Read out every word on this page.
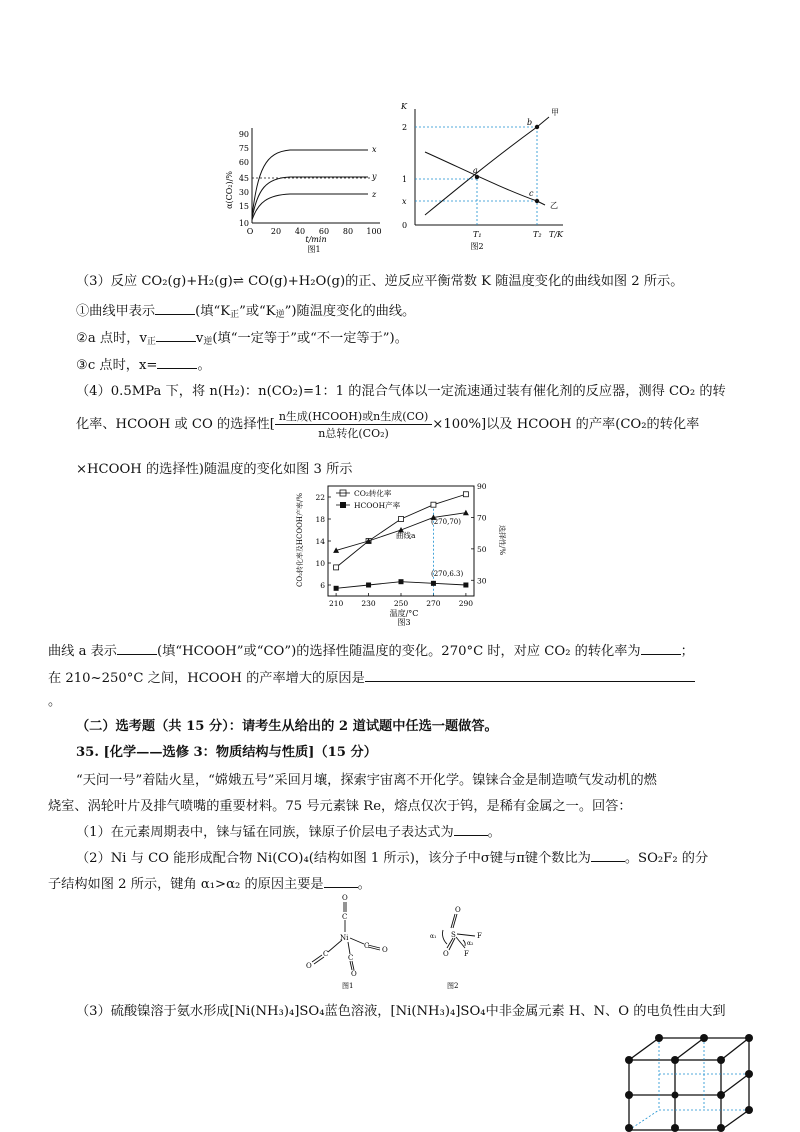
α(CO₂)/%
90
75
60
45
30
15
10
O 20 40 60 80 100
t/min
图1
x
y
z
K
2
1
x
0
T₁	T₂ T/K
a
b
c
甲
乙
图2
（3）反应 CO₂(g)+H₂(g)⇌ CO(g)+H₂O(g)的正、逆反应平衡常数 K 随温度变化的曲线如图 2 所示。
①曲线甲表示	(填“$K_正$”或“$K_逆$”)随温度变化的曲线。
②a 点时，$v_正$	$v_逆$(填“一定等于”或“不一定等于”)。
③c 点时，x=	。
（4）0.5MPa 下，将 n(H₂)：n(CO₂)=1：1 的混合气体以一定流速通过装有催化剂的反应器，测得 CO₂ 的转
化率、HCOOH 或 CO 的选择性[ $\frac{\text{n生成(HCOOH)或n生成(CO)}}{\text{n总转化(CO₂)}} \times 100\%$]以及 HCOOH 的产率(CO₂的转化率
×HCOOH 的选择性)随温度的变化如图 3 所示
22
18
14
10
6
90
70
50
30
210 230 250 270 290
CO₂转化率及HCOOH产率/%	选择性/%
温度/°C
图3
CO₂转化率
HCOOH产率
曲线a
(270,70)
(270,6.3)
曲线 a 表示	(填“HCOOH”或“CO”)的选择性随温度的变化。270°C 时，对应 CO₂ 的转化率为	；
在 210~250°C 之间，HCOOH 的产率增大的原因是
。
（二）选考题（共 15 分）：请考生从给出的 2 道试题中任选一题做答。
35. [化学——选修 3：物质结构与性质]（15 分）
“天问一号”着陆火星，“嫦娥五号”采回月壤，探索宇宙离不开化学。镍铼合金是制造喷气发动机的燃
烧室、涡轮叶片及排气喷嘴的重要材料。75 号元素铼 Re，熔点仅次于钨，是稀有金属之一。回答：
（1）在元素周期表中，铼与锰在同族，铼原子价层电子表达式为	。
（2）Ni 与 CO 能形成配合物 Ni(CO)₄(结构如图 1 所示)，该分子中σ键与π键个数比为	。SO₂F₂ 的分
子结构如图 2 所示，键角 α₁>α₂ 的原因主要是	。
O
C
Ni
C O
C
O
C
O
图1
O
S
O
F
F
α₁
α₂
图2
（3）硫酸镍溶于氨水形成[Ni(NH₃)₄]SO₄蓝色溶液，[Ni(NH₃)₄]SO₄中非金属元素 H、N、O 的电负性由大到
